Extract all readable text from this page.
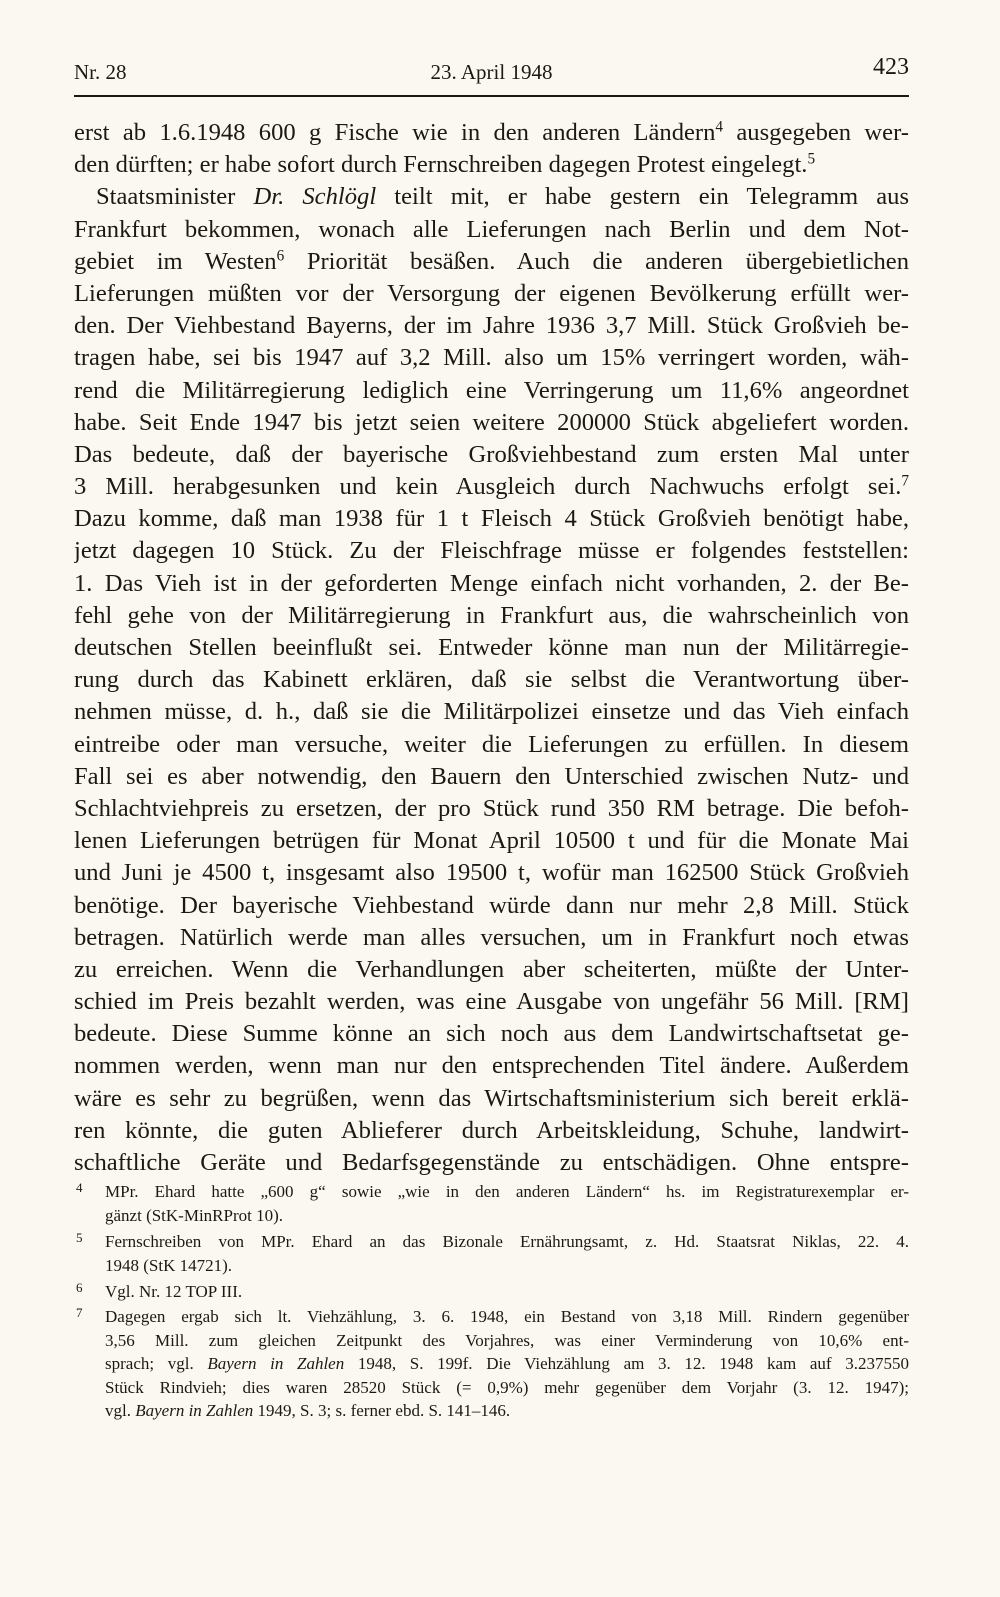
Nr. 28	23. April 1948	423
erst ab 1.6.1948 600 g Fische wie in den anderen Ländern$^4$ ausgegeben wer-
den dürften; er habe sofort durch Fernschreiben dagegen Protest eingelegt.$^5$
Staatsminister Dr. Schlögl teilt mit, er habe gestern ein Telegramm aus
Frankfurt bekommen, wonach alle Lieferungen nach Berlin und dem Not-
gebiet im Westen$^6$ Priorität besäßen. Auch die anderen übergebietlichen
Lieferungen müßten vor der Versorgung der eigenen Bevölkerung erfüllt wer-
den. Der Viehbestand Bayerns, der im Jahre 1936 3,7 Mill. Stück Großvieh be-
tragen habe, sei bis 1947 auf 3,2 Mill. also um 15% verringert worden, wäh-
rend die Militärregierung lediglich eine Verringerung um 11,6% angeordnet
habe. Seit Ende 1947 bis jetzt seien weitere 200000 Stück abgeliefert worden.
Das bedeute, daß der bayerische Großviehbestand zum ersten Mal unter
3 Mill. herabgesunken und kein Ausgleich durch Nachwuchs erfolgt sei.$^7$
Dazu komme, daß man 1938 für 1 t Fleisch 4 Stück Großvieh benötigt habe,
jetzt dagegen 10 Stück. Zu der Fleischfrage müsse er folgendes feststellen:
1. Das Vieh ist in der geforderten Menge einfach nicht vorhanden, 2. der Be-
fehl gehe von der Militärregierung in Frankfurt aus, die wahrscheinlich von
deutschen Stellen beeinflußt sei. Entweder könne man nun der Militärregie-
rung durch das Kabinett erklären, daß sie selbst die Verantwortung über-
nehmen müsse, d. h., daß sie die Militärpolizei einsetze und das Vieh einfach
eintreibe oder man versuche, weiter die Lieferungen zu erfüllen. In diesem
Fall sei es aber notwendig, den Bauern den Unterschied zwischen Nutz- und
Schlachtviehpreis zu ersetzen, der pro Stück rund 350 RM betrage. Die befoh-
lenen Lieferungen betrügen für Monat April 10500 t und für die Monate Mai
und Juni je 4500 t, insgesamt also 19500 t, wofür man 162500 Stück Großvieh
benötige. Der bayerische Viehbestand würde dann nur mehr 2,8 Mill. Stück
betragen. Natürlich werde man alles versuchen, um in Frankfurt noch etwas
zu erreichen. Wenn die Verhandlungen aber scheiterten, müßte der Unter-
schied im Preis bezahlt werden, was eine Ausgabe von ungefähr 56 Mill. [RM]
bedeute. Diese Summe könne an sich noch aus dem Landwirtschaftsetat ge-
nommen werden, wenn man nur den entsprechenden Titel ändere. Außerdem
wäre es sehr zu begrüßen, wenn das Wirtschaftsministerium sich bereit erklä-
ren könnte, die guten Ablieferer durch Arbeitskleidung, Schuhe, landwirt-
schaftliche Geräte und Bedarfsgegenstände zu entschädigen. Ohne entspre-
4 MPr. Ehard hatte „600 g“ sowie „wie in den anderen Ländern“ hs. im Registraturexemplar er-
gänzt (StK-MinRProt 10).
5 Fernschreiben von MPr. Ehard an das Bizonale Ernährungsamt, z. Hd. Staatsrat Niklas, 22. 4.
1948 (StK 14721).
6 Vgl. Nr. 12 TOP III.
7 Dagegen ergab sich lt. Viehzählung, 3. 6. 1948, ein Bestand von 3,18 Mill. Rindern gegenüber
3,56 Mill. zum gleichen Zeitpunkt des Vorjahres, was einer Verminderung von 10,6% ent-
sprach; vgl. Bayern in Zahlen 1948, S. 199f. Die Viehzählung am 3. 12. 1948 kam auf 3.237550
Stück Rindvieh; dies waren 28520 Stück (= 0,9%) mehr gegenüber dem Vorjahr (3. 12. 1947);
vgl. Bayern in Zahlen 1949, S. 3; s. ferner ebd. S. 141–146.
